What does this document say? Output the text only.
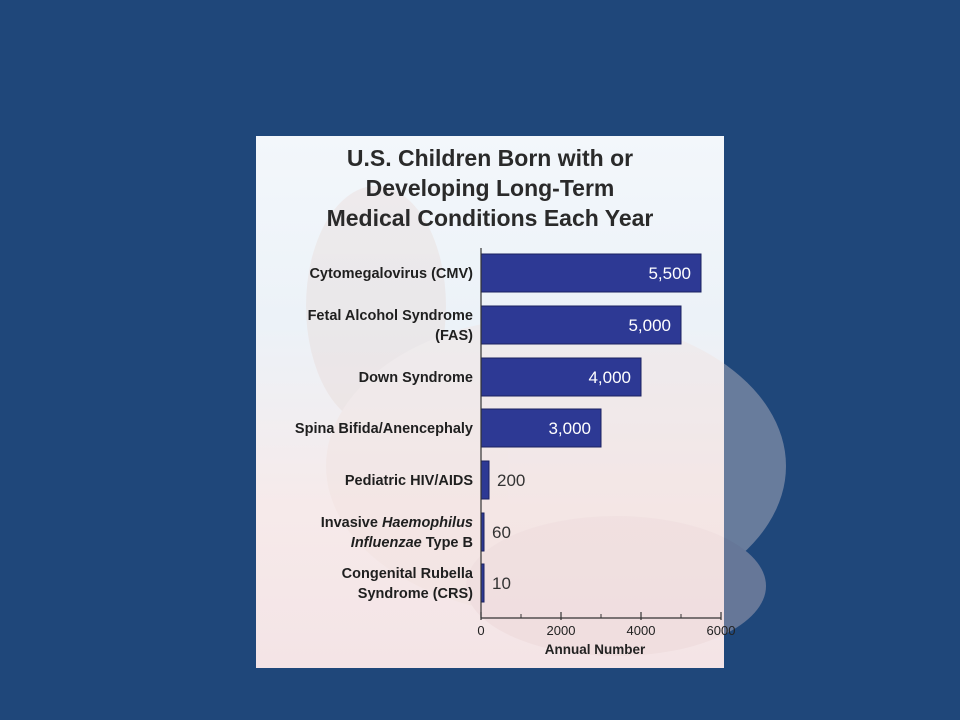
U.S. Children Born with or
Developing Long-Term
Medical Conditions Each Year
Cytomegalovirus (CMV)
Fetal Alcohol Syndrome (FAS)
Down Syndrome
Spina Bifida/Anencephaly
Pediatric HIV/AIDS
Invasive Haemophilus Influenzae Type B
Congenital Rubella Syndrome (CRS)
5,500
5,000
4,000
3,000
200
60
10
0	2000	4000	6000
Annual Number
